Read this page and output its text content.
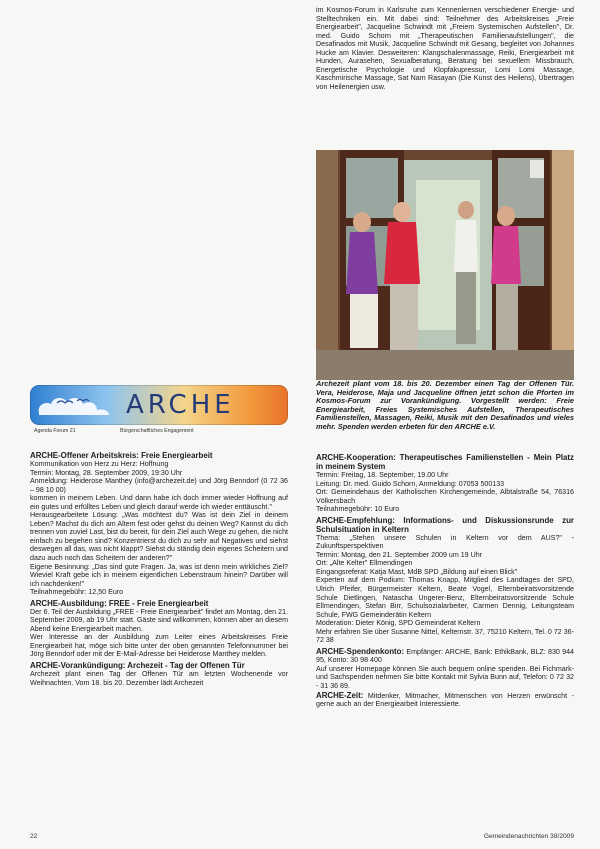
im Kosmos-Forum in Karlsruhe zum Kennenlernen verschiedener Energie- und Stelltechniken ein. Mit dabei sind: Teilnehmer des Arbeitskreises „Freie Energiearbeit", Jacqueline Schwindt mit „Freiem Systemischen Aufstellen", Dr. med. Guido Schorn mit „Therapeutischen Familienaufstellungen", die Desafinados mit Musik, Jacqueline Schwindt mit Gesang, begleitet von Johannes Hucke am Klavier. Desweiteren: Klangschalenmassage, Reiki, Energiearbeit mit Hunden, Aurasehen, Sexualberatung, Beratung bei sexuellem Missbrauch, Energetische Psychologie und Klopfakupressur, Lomi Lomi Massage, Kaschmirische Massage, Sat Nam Rasayan (Die Kunst des Heilens), Übertragen von Heilenergien usw.

Archezeit plant vom 18. bis 20. Dezember einen Tag der Offenen Tür. Vera, Heiderose, Maja und Jacqueline öffnen jetzt schon die Pforten im Kosmos-Forum zur Vorankündigung. Vorgestellt werden: Freie Energiearbeit, Freies Systemisches Aufstellen, Therapeutisches Familienstellen, Massagen, Reiki, Musik mit den Desafinados und vieles mehr. Spenden werden erbeten für den ARCHE e.V.

ARCHE-Kooperation: Therapeutisches Familienstellen - Mein Platz in meinem System

Termin: Freitag, 18. September, 19.00 Uhr

Leitung: Dr. med. Guido Schorn, Anmeldung: 07053 500133

Ort: Gemeindehaus der Katholischen Kirchengemeinde, Albtalstraße 54, 76316 Völkersbach

Teilnahmegebühr: 10 Euro

ARCHE-Empfehlung: Informations- und Diskussionsrunde zur Schulsituation in Keltern

Thema: „Stehen unsere Schulen in Keltern vor dem AUS?" - Zukunftsperspektiven

Termin: Montag, den 21. September 2009 um 19 Uhr

Ort: „Alte Kelter" Ellmendingen

Eingangsreferat: Katja Mast, MdB SPD „Bildung auf einen Blick"

Experten auf dem Podium: Thomas Knapp, Mitglied des Landtages der SPD, Ulrich Pfeifer, Bürgermeister Keltern, Beate Vogel, Elternbeiratsvorsitzende Schule Dietlingen, Natascha Ungerer-Benz, Elternbeiratsvorsitzende Schule Ellmendingen, Stefan Birr, Schulsozialarbeiter, Carmen Dennig, Leitungsteam Schule, FWG Gemeinderätin Keltern

Moderation: Dieter König, SPD Gemeinderat Keltern

Mehr erfahren Sie über Susanne Nittel, Kelternstr. 37, 75210 Keltern, Tel. 0 72 36- 72 38

ARCHE-Spendenkonto: Empfänger: ARCHE, Bank: EthikBank, BLZ: 830 944 95, Konto: 30 98 400

Auf unserer Homepage können Sie auch bequem online spenden. Bei Fichmark- und Sachspenden nehmen Sie bitte Kontakt mit Sylvia Bunn auf, Telefon: 0 72 32 - 31 36 89.

ARCHE-Zeit: Mitdenker, Mitmacher, Mitmenschen von Herzen erwünscht - gerne auch an der Energiearbeit Interessierte.

ARCHE
Agenda Forum 21	Bürgerschaftliches Engagement

ARCHE-Offener Arbeitskreis: Freie Energiearbeit

Kommunikation von Herz zu Herz: Hoffnung

Termin: Montag, 28. September 2009, 19:30 Uhr

Anmeldung: Heiderose Manthey (info@archezeit.de) und Jörg Benndorf (0 72 36 – 98 10 00)

kommen in meinem Leben. Und dann habe ich doch immer wieder Hoffnung auf ein gutes und erfülltes Leben und gleich darauf werde ich wieder enttäuscht."

Herausgearbeitete Lösung: „Was möchtest du? Was ist dein Ziel in deinem Leben? Machst du dich am Altem fest oder gehst du deinen Weg? Kannst du dich trennen von zuviel Last, bist du bereit, für dein Ziel auch Wege zu gehen, die nicht einfach zu begehen sind? Konzentrierst du dich zu sehr auf Negatives und siehst deswegen all das, was nicht klappt? Siehst du ständig dein eigenes Scheitern und dazu auch noch das Scheitern der anderen?"

Eigene Besinnung: „Das sind gute Fragen. Ja, was ist denn mein wirkliches Ziel? Wieviel Kraft gebe ich in meinem eigentlichen Lebenstraum hinein? Darüber will ich nachdenken!"

Teilnahmegebühr: 12,50 Euro

ARCHE-Ausbildung: FREE - Freie Energiearbeit

Der 6. Teil der Ausbildung „FREE - Freie Energiearbeit" findet am Montag, den 21. September 2009, ab 19 Uhr statt. Gäste sind willkommen, können aber an diesem Abend keine Energiearbeit machen.

Wer Interesse an der Ausbildung zum Leiter eines Arbeitskreises Freie Energiearbeit hat, möge sich bitte unter der oben genannten Telefonnummer bei Jörg Benndorf oder mit der E-Mail-Adresse bei Heiderose Manthey melden.

ARCHE-Vorankündigung: Archezeit - Tag der Offenen Tür

Archezeit plant einen Tag der Offenen Tür am letzten Wochenende vor Weihnachten. Vom 18. bis 20. Dezember lädt Archezeit

22	Gemeindenachrichten 38/2009
